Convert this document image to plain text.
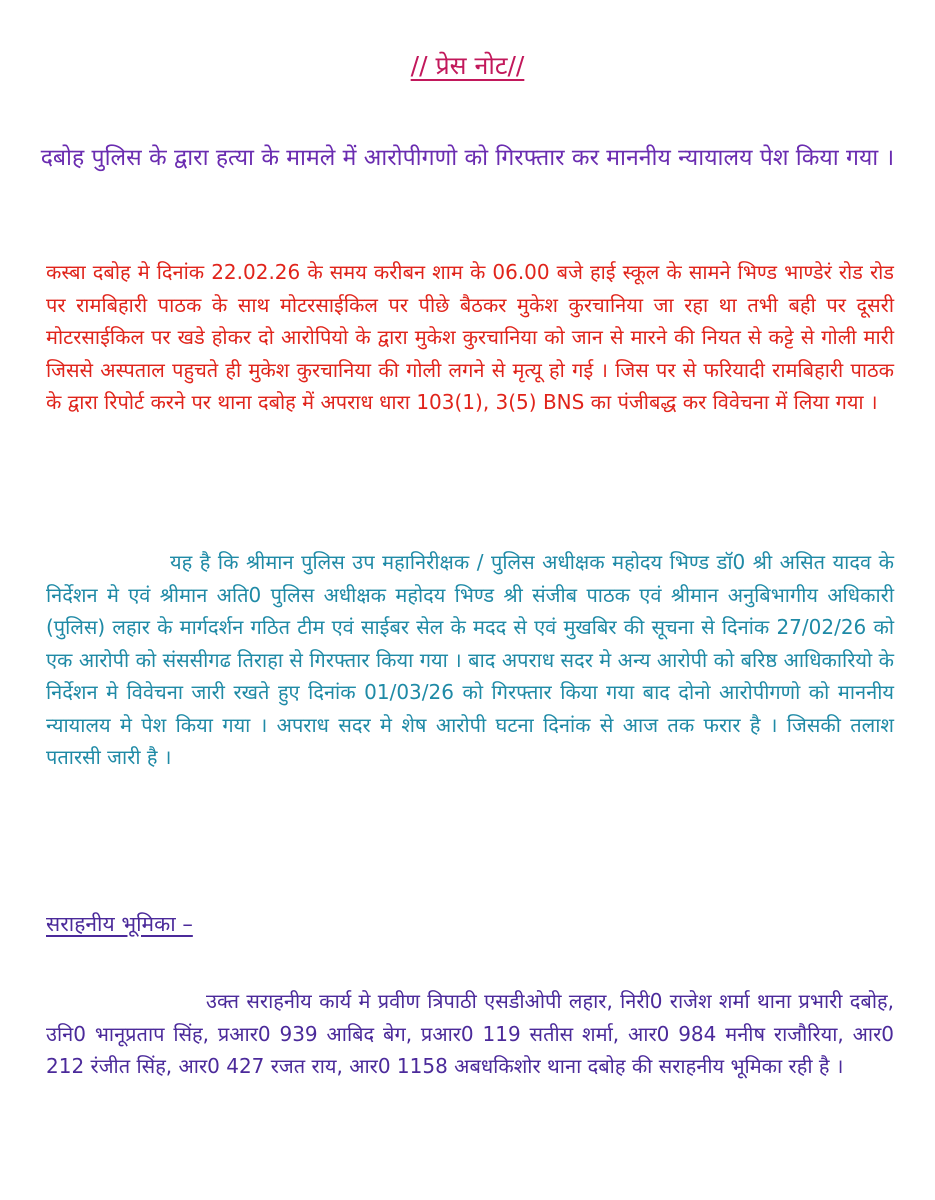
// प्रेस नोट//
दबोह पुलिस के द्वारा हत्या के मामले में आरोपीगणो को गिरफ्तार कर माननीय न्यायालय पेश किया गया ।
कस्बा दबोह मे दिनांक 22.02.26 के समय करीबन शाम के 06.00 बजे हाई स्कूल के सामने भिण्ड भाण्डेरं रोड रोड पर रामबिहारी पाठक के साथ मोटरसाईकिल पर पीछे बैठकर मुकेश कुरचानिया जा रहा था तभी बही पर दूसरी मोटरसाईकिल पर खडे होकर दो आरोपियो के द्वारा मुकेश कुरचानिया को जान से मारने की नियत से कट्टे से गोली मारी जिससे अस्पताल पहुचते ही मुकेश कुरचानिया की गोली लगने से मृत्यू हो गई । जिस पर से फरियादी रामबिहारी पाठक के द्वारा रिपोर्ट करने पर थाना दबोह में अपराध धारा 103(1), 3(5) BNS का पंजीबद्ध कर विवेचना में लिया गया ।
यह है कि श्रीमान पुलिस उप महानिरीक्षक / पुलिस अधीक्षक महोदय भिण्ड डॉ0 श्री असित यादव के निर्देशन मे एवं श्रीमान अति0 पुलिस अधीक्षक महोदय भिण्ड श्री संजीब पाठक एवं श्रीमान अनुबिभागीय अधिकारी (पुलिस) लहार के मार्गदर्शन गठित टीम एवं साईबर सेल के मदद से एवं मुखबिर की सूचना से दिनांक 27/02/26 को एक आरोपी को संससीगढ तिराहा से गिरफ्तार किया गया । बाद अपराध सदर मे अन्य आरोपी को बरिष्ठ आधिकारियो के निर्देशन मे विवेचना जारी रखते हुए दिनांक 01/03/26 को गिरफ्तार किया गया बाद दोनो आरोपीगणो को माननीय न्यायालय मे पेश किया गया । अपराध सदर मे शेष आरोपी घटना दिनांक से आज तक फरार है । जिसकी तलाश पतारसी जारी है ।
सराहनीय भूमिका –
उक्त सराहनीय कार्य मे प्रवीण त्रिपाठी एसडीओपी लहार, निरी0 राजेश शर्मा थाना प्रभारी दबोह, उनि0 भानूप्रताप सिंह, प्रआर0 939 आबिद बेग, प्रआर0 119 सतीस शर्मा, आर0 984 मनीष राजौरिया, आर0 212 रंजीत सिंह, आर0 427 रजत राय, आर0 1158 अबधकिशोर थाना दबोह की सराहनीय भूमिका रही है ।
